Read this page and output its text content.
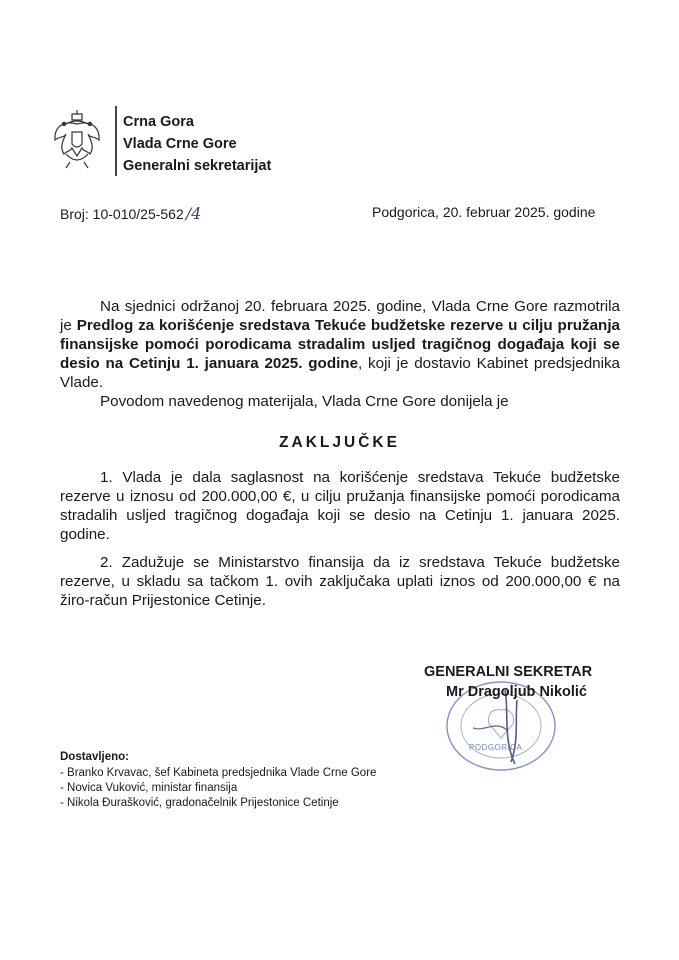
Crna Gora
Vlada Crne Gore
Generalni sekretarijat
Broj: 10-010/25-562 /4	Podgorica, 20. februar 2025. godine
Na sjednici održanoj 20. februara 2025. godine, Vlada Crne Gore razmotrila je Predlog za korišćenje sredstava Tekuće budžetske rezerve u cilju pružanja finansijske pomoći porodicama stradalim usljed tragičnog događaja koji se desio na Cetinju 1. januara 2025. godine, koji je dostavio Kabinet predsjednika Vlade.
Povodom navedenog materijala, Vlada Crne Gore donijela je
ZAKLJUČKE
1. Vlada je dala saglasnost na korišćenje sredstava Tekuće budžetske rezerve u iznosu od 200.000,00 €, u cilju pružanja finansijske pomoći porodicama stradalih usljed tragičnog događaja koji se desio na Cetinju 1. januara 2025. godine.
2. Zadužuje se Ministarstvo finansija da iz sredstava Tekuće budžetske rezerve, u skladu sa tačkom 1. ovih zaključaka uplati iznos od 200.000,00 € na žiro-račun Prijestonice Cetinje.
PODGORICA
GENERALNI SEKRETAR
Mr Dragoljub Nikolić
Dostavljeno:
- Branko Krvavac, šef Kabineta predsjednika Vlade Crne Gore
- Novica Vuković, ministar finansija
- Nikola Đurašković, gradonačelnik Prijestonice Cetinje
